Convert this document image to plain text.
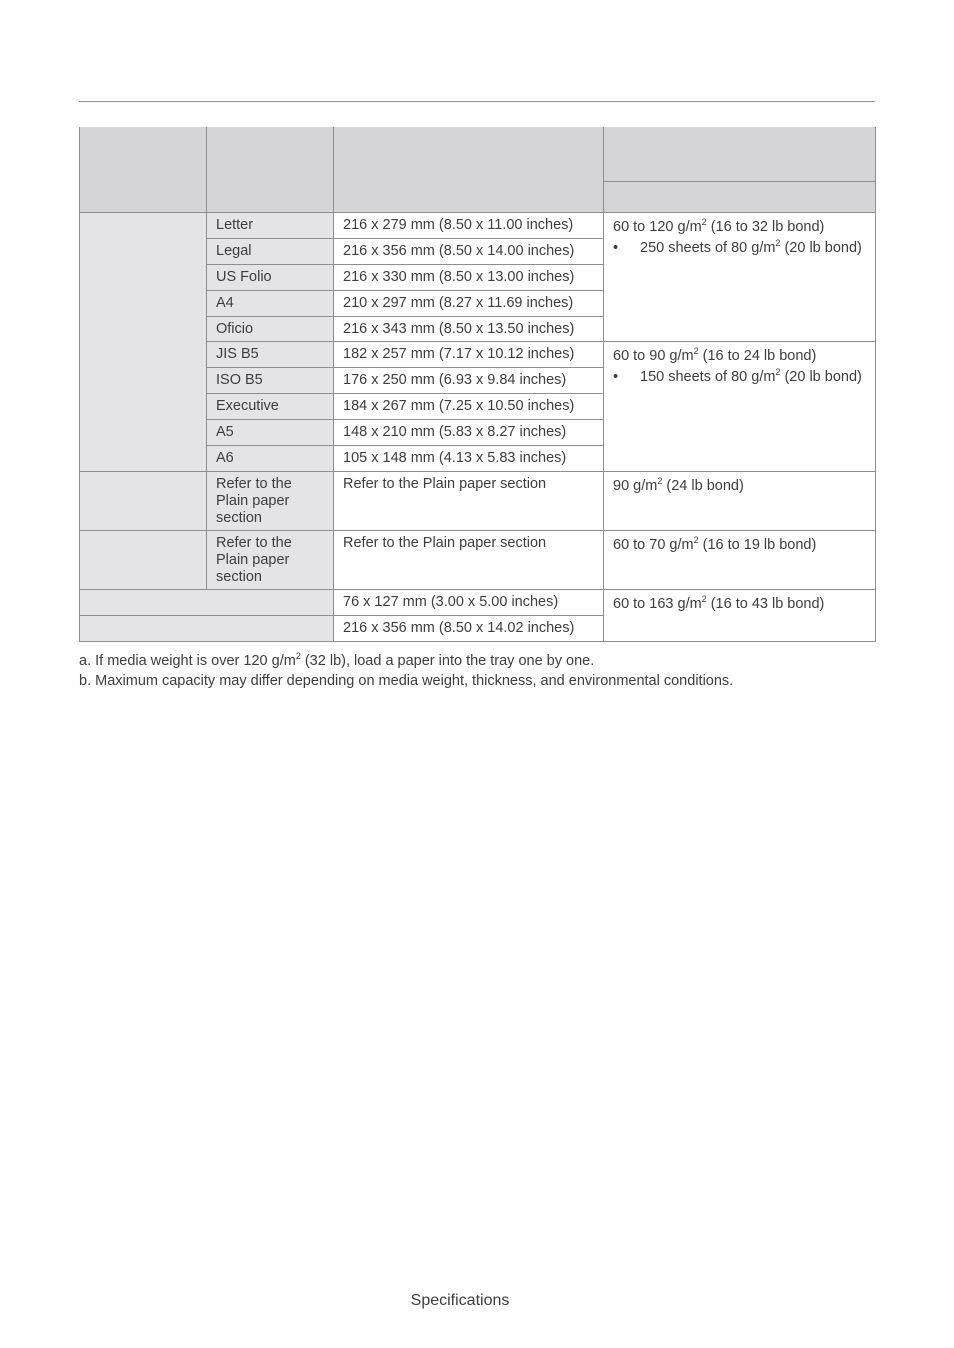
	Letter	216 x 279 mm (8.50 x 11.00 inches)	60 to 120 $g/m^2$ (16 to 32 lb bond)
• 250 sheets of 80 $g/m^2$ (20 lb bond)

	Legal	216 x 356 mm (8.50 x 14.00 inches)	
	US Folio	216 x 330 mm (8.50 x 13.00 inches)	
	A4	210 x 297 mm (8.27 x 11.69 inches)	
	Oficio	216 x 343 mm (8.50 x 13.50 inches)	
	JIS B5	182 x 257 mm (7.17 x 10.12 inches)	60 to 90 $g/m^2$ (16 to 24 lb bond)
• 150 sheets of 80 $g/m^2$ (20 lb bond)

	ISO B5	176 x 250 mm (6.93 x 9.84 inches)	
	Executive	184 x 267 mm (7.25 x 10.50 inches)	
	A5	148 x 210 mm (5.83 x 8.27 inches)	
	A6	105 x 148 mm (4.13 x 5.83 inches)	
	Refer to the Plain paper section	Refer to the Plain paper section	90 $g/m^2$ (24 lb bond)
	Refer to the Plain paper section	Refer to the Plain paper section	60 to 70 $g/m^2$ (16 to 19 lb bond)
		76 x 127 mm (3.00 x 5.00 inches)	60 to 163 $g/m^2$ (16 to 43 lb bond)
		216 x 356 mm (8.50 x 14.02 inches)	
a. If media weight is over 120 $g/m^2$ (32 lb), load a paper into the tray one by one.
b. Maximum capacity may differ depending on media weight, thickness, and environmental conditions.
Specifications
